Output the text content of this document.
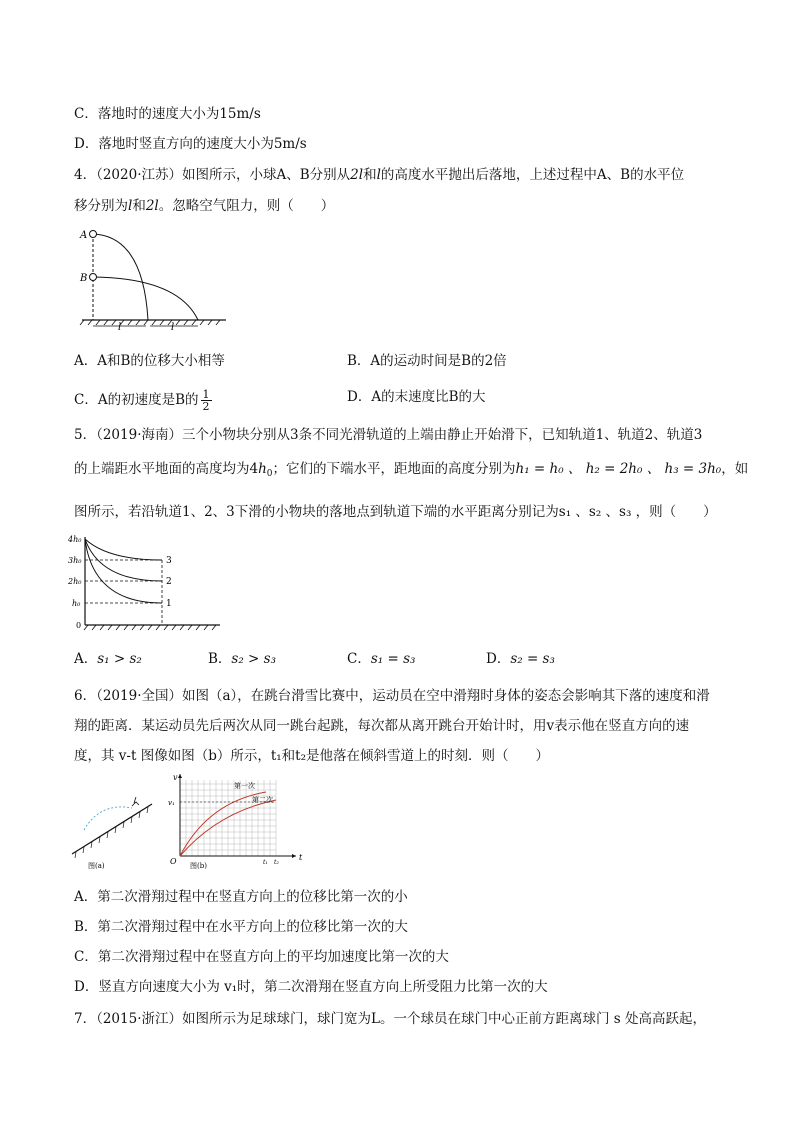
C．落地时的速度大小为15m/s
D．落地时竖直方向的速度大小为5m/s
4．（2020·江苏）如图所示，小球A、B分别从2l和l的高度水平抛出后落地，上述过程中A、B的水平位
移分别为l和2l。忽略空气阻力，则（　　）
A
B
l	l
A．A和B的位移大小相等	B．A的运动时间是B的2倍
C．A的初速度是B的 $\frac{1}{2}$	D．A的末速度比B的大
5．（2019·海南）三个小物块分别从3条不同光滑轨道的上端由静止开始滑下，已知轨道1、轨道2、轨道3
的上端距水平地面的高度均为$4h_0$；它们的下端水平，距地面的高度分别为h₁ = h₀ 、 h₂ = 2h₀ 、 h₃ = 3h₀，如
图所示，若沿轨道1、2、3下滑的小物块的落地点到轨道下端的水平距离分别记为s₁ 、s₂ 、s₃ ，则（　　）
4h₀
3h₀
2h₀
h₀
0
3
2
1
A．s₁ > s₂	B．s₂ > s₃	C．s₁ = s₃	D．s₂ = s₃
6．（2019·全国）如图（a），在跳台滑雪比赛中，运动员在空中滑翔时身体的姿态会影响其下落的速度和滑
翔的距离．某运动员先后两次从同一跳台起跳，每次都从离开跳台开始计时，用v表示他在竖直方向的速
度，其 v-t 图像如图（b）所示，t₁和t₂是他落在倾斜雪道上的时刻．则（　　）
图(a)
v
t
O
v₁
t₁ t₂
第一次
第二次
图(b)
A．第二次滑翔过程中在竖直方向上的位移比第一次的小
B．第二次滑翔过程中在水平方向上的位移比第一次的大
C．第二次滑翔过程中在竖直方向上的平均加速度比第一次的大
D．竖直方向速度大小为 v₁时，第二次滑翔在竖直方向上所受阻力比第一次的大
7．（2015·浙江）如图所示为足球球门，球门宽为L。一个球员在球门中心正前方距离球门 s 处高高跃起，
